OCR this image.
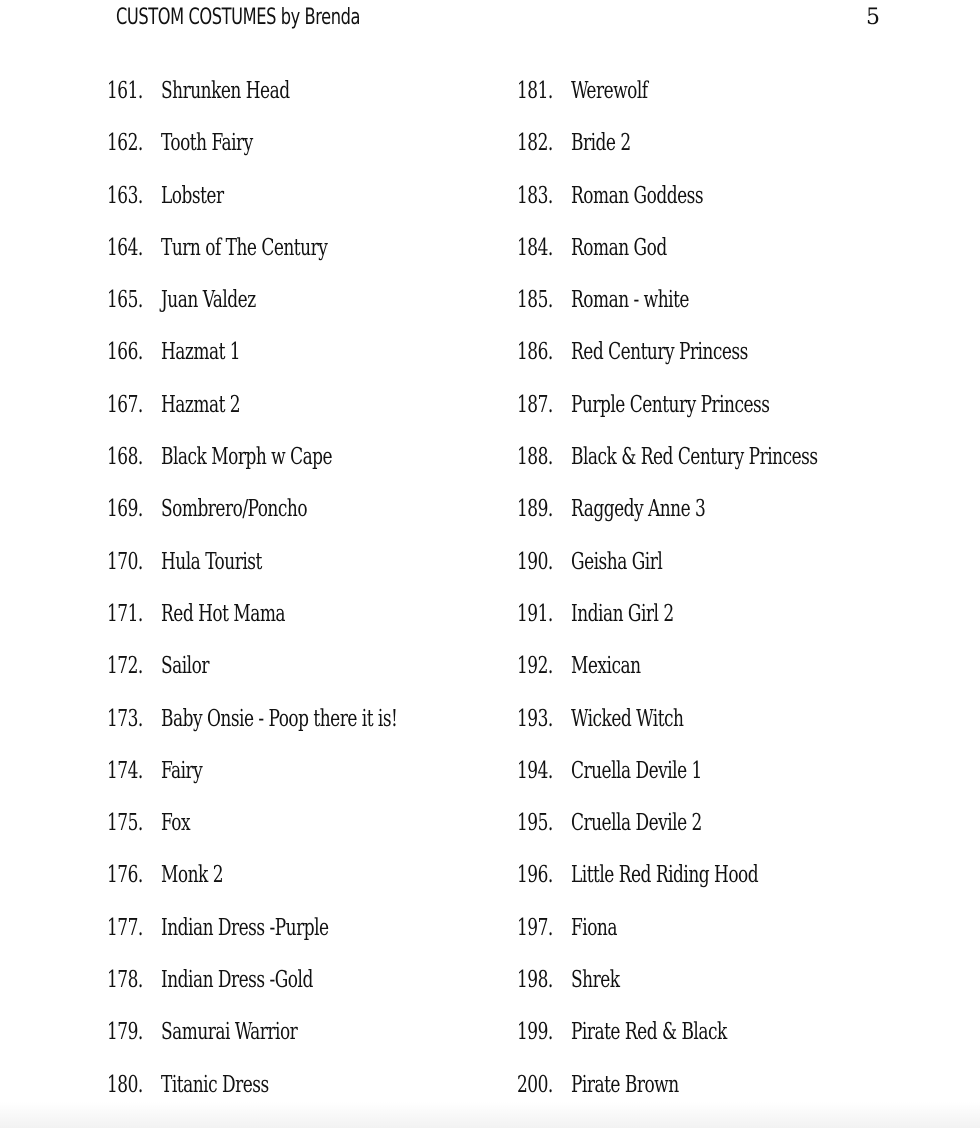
CUSTOM COSTUMES by Brenda	5
161. Shrunken Head
162. Tooth Fairy
163. Lobster
164. Turn of The Century
165. Juan Valdez
166. Hazmat 1
167. Hazmat 2
168. Black Morph w Cape
169. Sombrero/Poncho
170. Hula Tourist
171. Red Hot Mama
172. Sailor
173. Baby Onsie - Poop there it is!
174. Fairy
175. Fox
176. Monk 2
177. Indian Dress -Purple
178. Indian Dress -Gold
179. Samurai Warrior
180. Titanic Dress
181. Werewolf
182. Bride 2
183. Roman Goddess
184. Roman God
185. Roman - white
186. Red Century Princess
187. Purple Century Princess
188. Black & Red Century Princess
189. Raggedy Anne 3
190. Geisha Girl
191. Indian Girl 2
192. Mexican
193. Wicked Witch
194. Cruella Devile 1
195. Cruella Devile 2
196. Little Red Riding Hood
197. Fiona
198. Shrek
199. Pirate Red & Black
200. Pirate Brown
